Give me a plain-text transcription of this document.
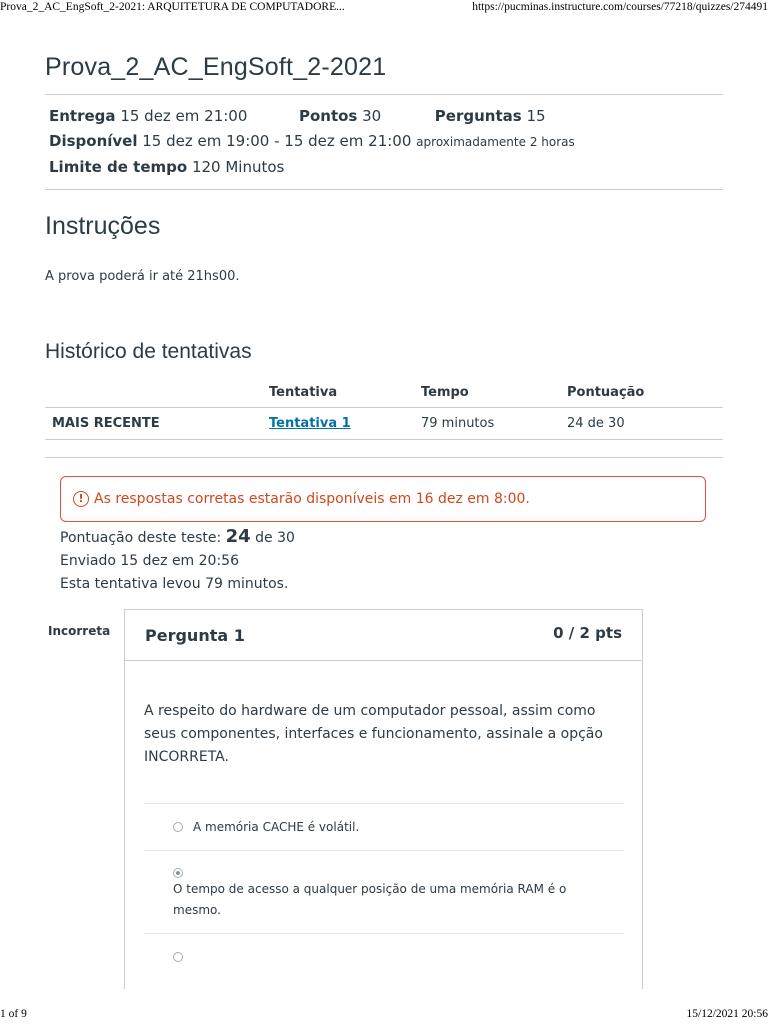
Prova_2_AC_EngSoft_2-2021: ARQUITETURA DE COMPUTADORE...	https://pucminas.instructure.com/courses/77218/quizzes/274491
Prova_2_AC_EngSoft_2-2021
Entrega 15 dez em 21:00	Pontos 30	Perguntas 15
Disponível 15 dez em 19:00 - 15 dez em 21:00 aproximadamente 2 horas
Limite de tempo 120 Minutos
Instruções
A prova poderá ir até 21hs00.
Histórico de tentativas
	Tentativa	Tempo	Pontuação
MAIS RECENTE	Tentativa 1	79 minutos	24 de 30
! As respostas corretas estarão disponíveis em 16 dez em 8:00.
Pontuação deste teste: 24 de 30
Enviado 15 dez em 20:56
Esta tentativa levou 79 minutos.
Incorreta Pergunta 1	0 / 2 pts
A respeito do hardware de um computador pessoal, assim como seus componentes, interfaces e funcionamento, assinale a opção INCORRETA.
A memória CACHE é volátil.
O tempo de acesso a qualquer posição de uma memória RAM é o mesmo.
1 of 9	15/12/2021 20:56
